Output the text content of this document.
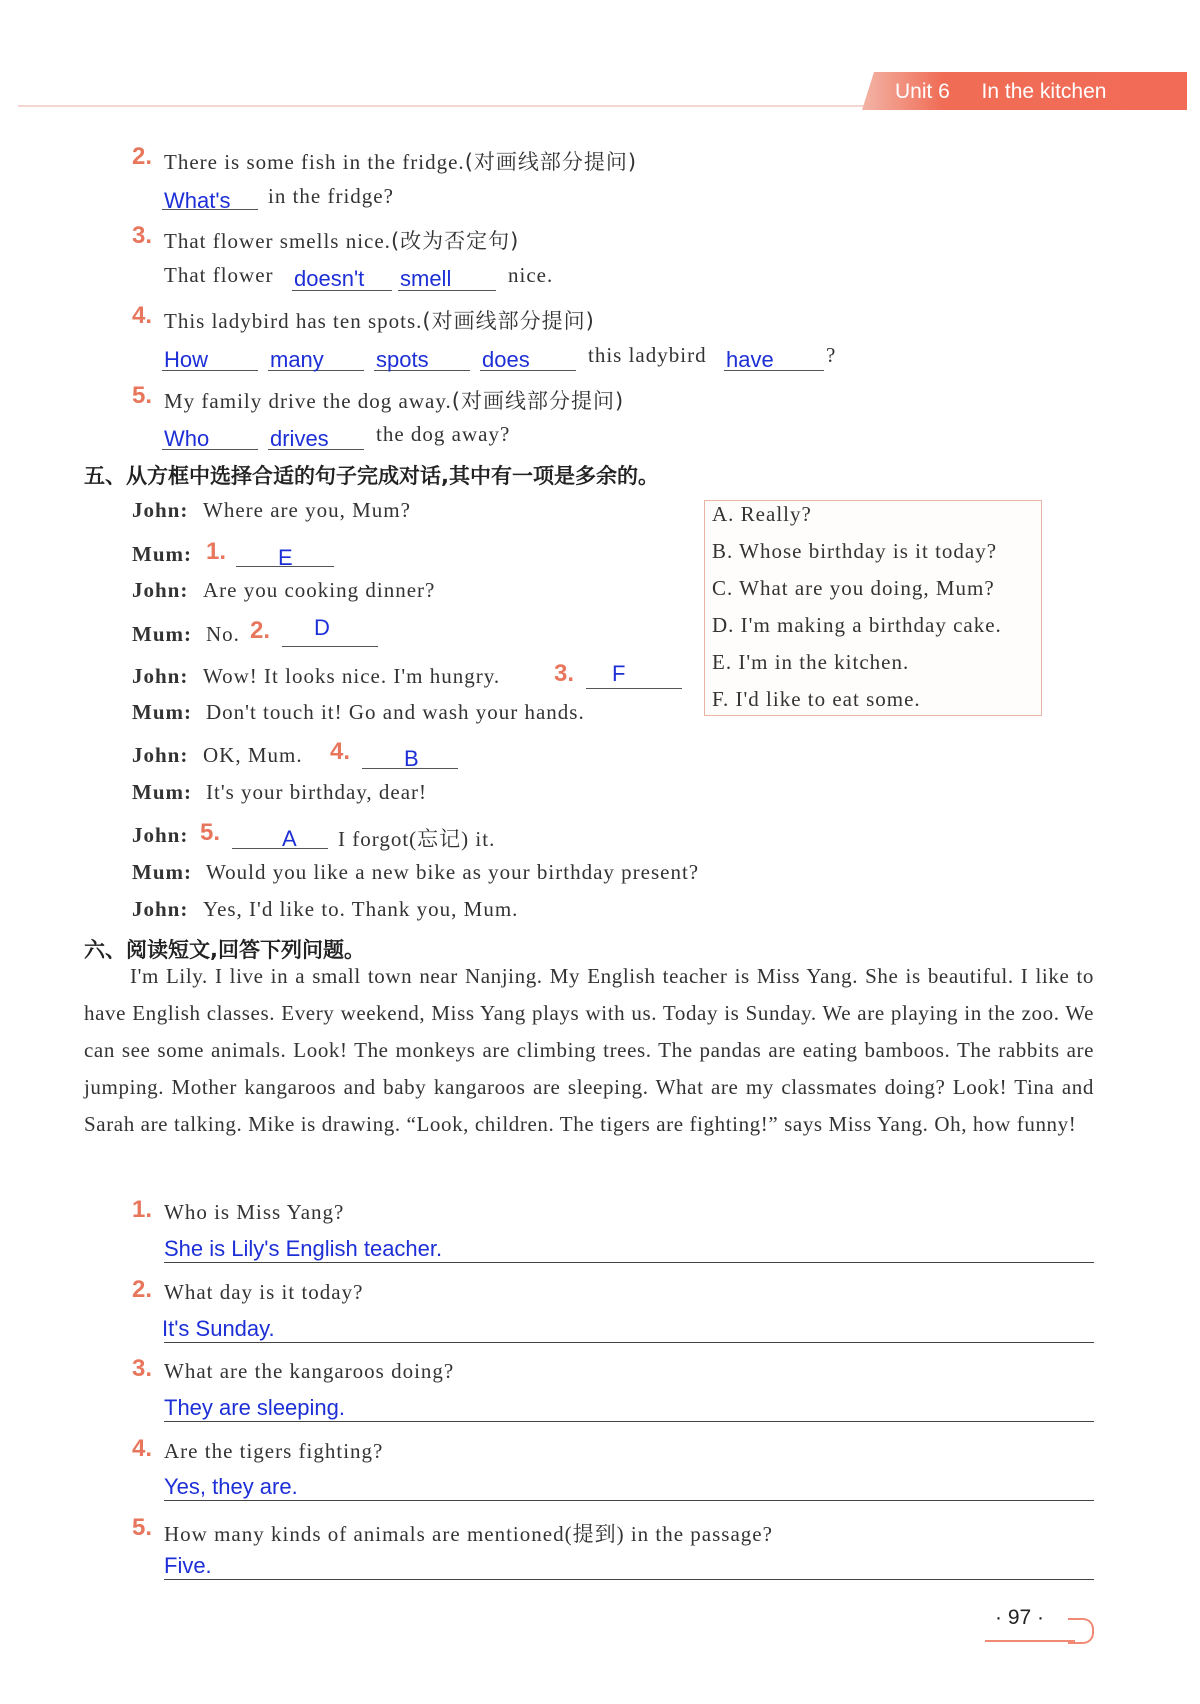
Unit 6 In the kitchen
2. There is some fish in the fridge.(对画线部分提问)
What's in the fridge?
3. That flower smells nice.(改为否定句)
That flower doesn't smell	nice.
4. This ladybird has ten spots.(对画线部分提问)
How	many spots does	this ladybird have ?
5. My family drive the dog away.(对画线部分提问)
Who	drives the dog away?
五、从方框中选择合适的句子完成对话,其中有一项是多余的。
A. Really?
B. Whose birthday is it today?
C. What are you doing, Mum?
D. I'm making a birthday cake.
E. I'm in the kitchen.
F. I'd like to eat some.
John: Where are you, Mum?
Mum: 1. E
John: Are you cooking dinner?
Mum: No. 2. D
John: Wow! It looks nice. I'm hungry. 3. F
Mum: Don't touch it! Go and wash your hands.
John: OK, Mum. 4. B
Mum: It's your birthday, dear!
John: 5.	A I forgot(忘记) it.
Mum: Would you like a new bike as your birthday present?
John: Yes, I'd like to. Thank you, Mum.
六、阅读短文,回答下列问题。
I'm Lily. I live in a small town near Nanjing. My English teacher is Miss Yang. She is beautiful. I like to have English classes. Every weekend, Miss Yang plays with us. Today is Sunday. We are playing in the zoo. We can see some animals. Look! The monkeys are climbing trees. The pandas are eating bamboos. The rabbits are jumping. Mother kangaroos and baby kangaroos are sleeping. What are my classmates doing? Look! Tina and Sarah are talking. Mike is drawing. “Look, children. The tigers are fighting!” says Miss Yang. Oh, how funny!
1. Who is Miss Yang?
She is Lily's English teacher.
2. What day is it today?
It's Sunday.
3. What are the kangaroos doing?
They are sleeping.
4. Are the tigers fighting?
Yes, they are.
5. How many kinds of animals are mentioned(提到) in the passage?
Five.
· 97 ·
